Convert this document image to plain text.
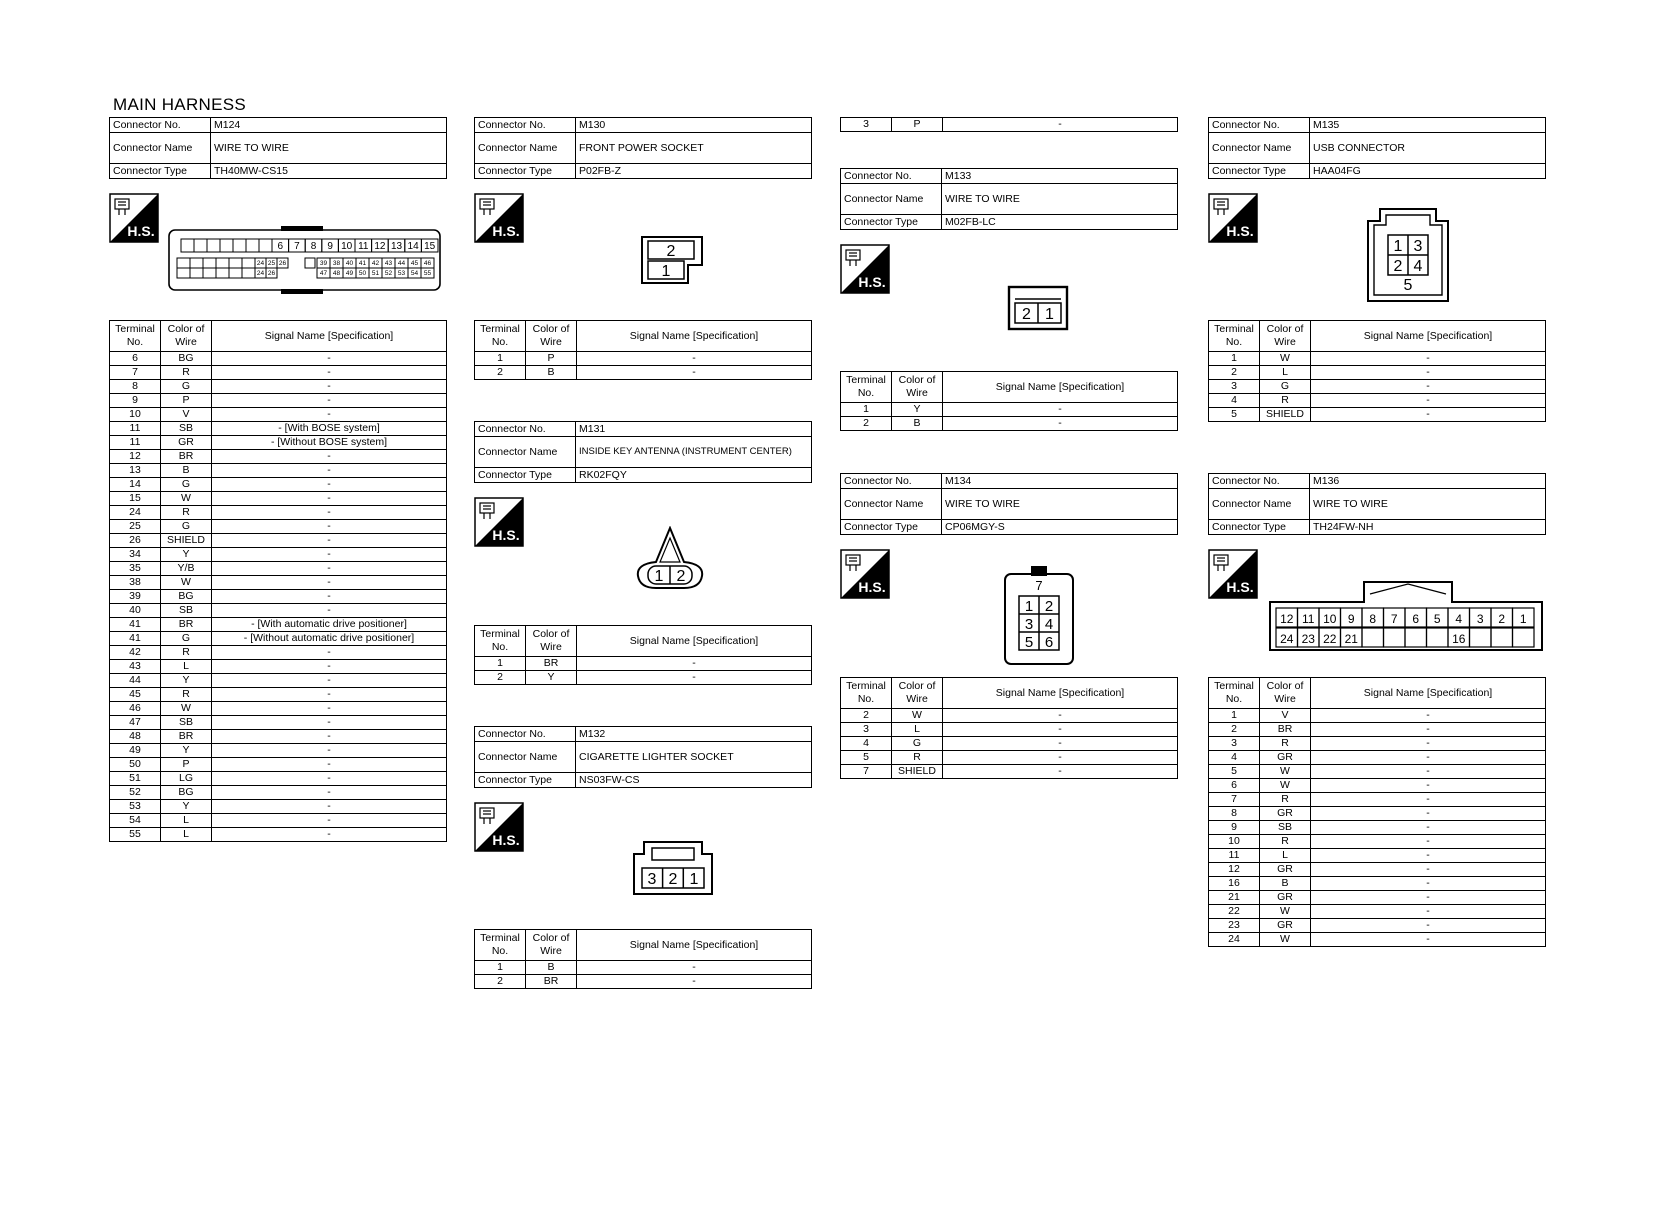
MAIN HARNESS
Connector No.	M124
Connector Name	WIRE TO WIRE
Connector Type	TH40MW-CS15
Terminal No.	Color of Wire	Signal Name [Specification]
6	BG	-
7	R	-
8	G	-
9	P	-
10	V	-
11	SB	- [With BOSE system]
11	GR	- [Without BOSE system]
12	BR	-
13	B	-
14	G	-
15	W	-
24	R	-
25	G	-
26	SHIELD	-
34	Y	-
35	Y/B	-
38	W	-
39	BG	-
40	SB	-
41	BR	- [With automatic drive positioner]
41	G	- [Without automatic drive positioner]
42	R	-
43	L	-
44	Y	-
45	R	-
46	W	-
47	SB	-
48	BR	-
49	Y	-
50	P	-
51	LG	-
52	BG	-
53	Y	-
54	L	-
55	L	-
Connector No.	M130
Connector Name	FRONT POWER SOCKET
Connector Type	P02FB-Z
Terminal No.	Color of Wire	Signal Name [Specification]
1	P	-
2	B	-
Connector No.	M131
Connector Name	INSIDE KEY ANTENNA (INSTRUMENT CENTER)
Connector Type	RK02FQY
Terminal No.	Color of Wire	Signal Name [Specification]
1	BR	-
2	Y	-
Connector No.	M132
Connector Name	CIGARETTE LIGHTER SOCKET
Connector Type	NS03FW-CS
Terminal No.	Color of Wire	Signal Name [Specification]
1	B	-
2	BR	-
3	P	-
Connector No.	M133
Connector Name	WIRE TO WIRE
Connector Type	M02FB-LC
Terminal No.	Color of Wire	Signal Name [Specification]
1	Y	-
2	B	-
Connector No.	M134
Connector Name	WIRE TO WIRE
Connector Type	CP06MGY-S
Terminal No.	Color of Wire	Signal Name [Specification]
2	W	-
3	L	-
4	G	-
5	R	-
7	SHIELD	-
Connector No.	M135
Connector Name	USB CONNECTOR
Connector Type	HAA04FG
Terminal No.	Color of Wire	Signal Name [Specification]
1	W	-
2	L	-
3	G	-
4	R	-
5	SHIELD	-
Connector No.	M136
Connector Name	WIRE TO WIRE
Connector Type	TH24FW-NH
Terminal No.	Color of Wire	Signal Name [Specification]
1	V	-
2	BR	-
3	R	-
4	GR	-
5	W	-
6	W	-
7	R	-
8	GR	-
9	SB	-
10	R	-
11	L	-
12	GR	-
16	B	-
21	GR	-
22	W	-
23	GR	-
24	W	-
H.S.	H.S.
H.S.
H.S.
H.S.
H.S.
H.S.
H.S.
6 7 8 9 10 11 12 13 14 15
24 25 26	39 38 40 41 42 43 44 45 46
24 26	47 48 49 50 51 52 53 54 55
2
1
1 2
3 2 1
2 1
7
1 2
3 4
5 6
1 3
2 4
5
12 11 10 9 8 7 6 5 4 3 2 1
24 23 22 21	16
